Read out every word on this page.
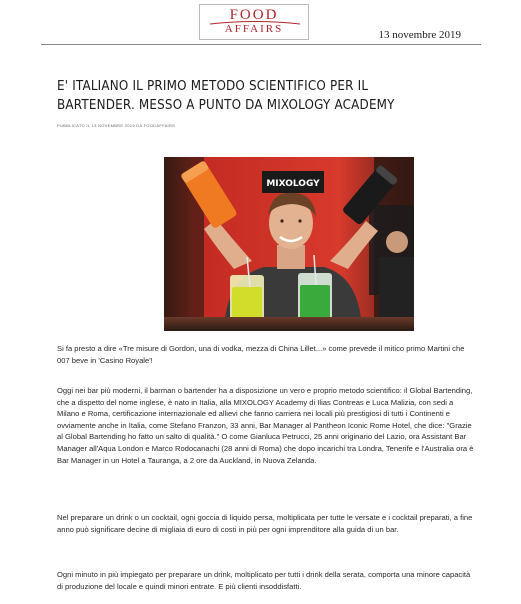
FOOD
AFFAIRS	13 novembre 2019
E' ITALIANO IL PRIMO METODO SCIENTIFICO PER IL BARTENDER. MESSO A PUNTO DA MIXOLOGY ACADEMY
PUBBLICATO IL 13 NOVEMBRE 2019 DA FOODAFFAIRS
MIXOLOGY

Si fa presto a dire «Tre misure di Gordon, una di vodka, mezza di China Lillet...» come prevede il mitico primo Martini che 007 beve in 'Casino Royale'!

Oggi nei bar più moderni, il barman o bartender ha a disposizione un vero e proprio metodo scientifico: il Global Bartending, che a dispetto del nome inglese, è nato in Italia, alla MIXOLOGY Academy di Ilias Contreas e Luca Malizia, con sedi a Milano e Roma, certificazione internazionale ed allievi che fanno carriera nei locali più prestigiosi di tutti i Continenti e ovviamente anche in Italia, come Stefano Franzon, 33 anni, Bar Manager al Pantheon Iconic Rome Hotel, che dice: "Grazie al Global Bartending ho fatto un salto di qualità." O come Gianluca Petrucci, 25 anni originario del Lazio, ora Assistant Bar Manager all'Aqua London e Marco Rodocanachi (28 anni di Roma) che dopo incarichi tra Londra, Tenerife e l'Australia ora è Bar Manager in un Hotel a Tauranga, a 2 ore da Auckland, in Nuova Zelanda.

Nel preparare un drink o un cocktail, ogni goccia di liquido persa, moltiplicata per tutte le versate e i cocktail preparati, a fine anno può significare decine di migliaia di euro di costi in più per ogni imprenditore alla guida di un bar.

Ogni minuto in più impiegato per preparare un drink, moltiplicato per tutti i drink della serata, comporta una minore capacità di produzione del locale e quindi minori entrate. E più clienti insoddisfatti.
